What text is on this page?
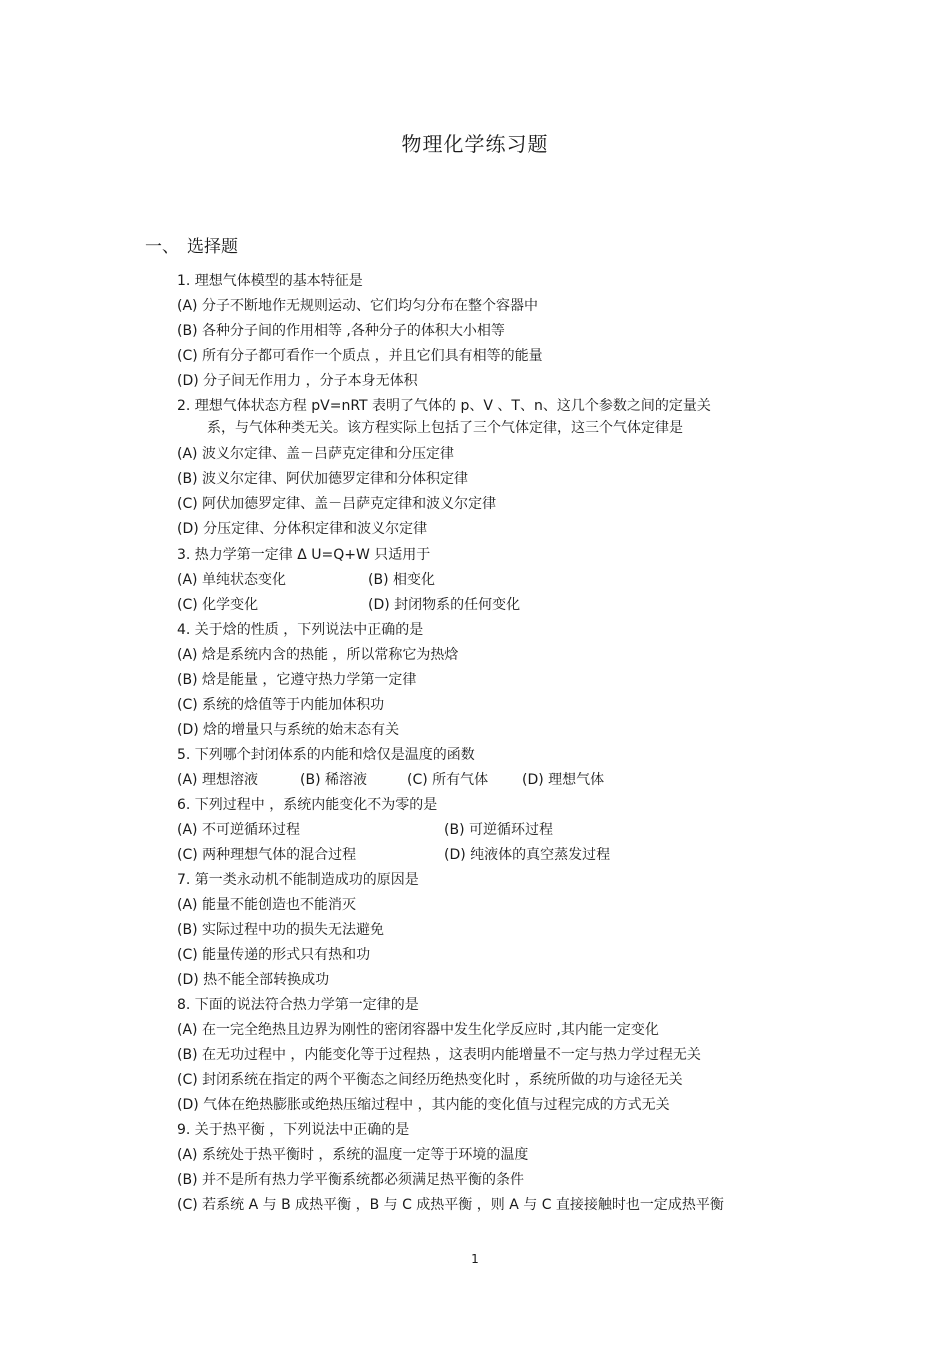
物理化学练习题
一、 选择题
1. 理想气体模型的基本特征是
(A) 分子不断地作无规则运动、它们均匀分布在整个容器中
(B) 各种分子间的作用相等 ,各种分子的体积大小相等
(C) 所有分子都可看作一个质点 ，并且它们具有相等的能量
(D) 分子间无作用力 ，分子本身无体积
2. 理想气体状态方程 pV=nRT 表明了气体的 p、V 、T、n、这几个参数之间的定量关
系，与气体种类无关。该方程实际上包括了三个气体定律，这三个气体定律是
(A) 波义尔定律、盖－吕萨克定律和分压定律
(B) 波义尔定律、阿伏加德罗定律和分体积定律
(C) 阿伏加德罗定律、盖－吕萨克定律和波义尔定律
(D) 分压定律、分体积定律和波义尔定律
3. 热力学第一定律 Δ U=Q+W 只适用于
(A) 单纯状态变化	(B) 相变化
(C) 化学变化	(D) 封闭物系的任何变化
4. 关于焓的性质 ，下列说法中正确的是
(A) 焓是系统内含的热能 ，所以常称它为热焓
(B) 焓是能量 ，它遵守热力学第一定律
(C) 系统的焓值等于内能加体积功
(D) 焓的增量只与系统的始末态有关
5. 下列哪个封闭体系的内能和焓仅是温度的函数
(A) 理想溶液	(B) 稀溶液	(C) 所有气体 (D) 理想气体
6. 下列过程中 ，系统内能变化不为零的是
(A) 不可逆循环过程	(B) 可逆循环过程
(C) 两种理想气体的混合过程	(D) 纯液体的真空蒸发过程
7. 第一类永动机不能制造成功的原因是
(A) 能量不能创造也不能消灭
(B) 实际过程中功的损失无法避免
(C) 能量传递的形式只有热和功
(D) 热不能全部转换成功
8. 下面的说法符合热力学第一定律的是
(A) 在一完全绝热且边界为刚性的密闭容器中发生化学反应时 ,其内能一定变化
(B) 在无功过程中 ，内能变化等于过程热 ，这表明内能增量不一定与热力学过程无关
(C) 封闭系统在指定的两个平衡态之间经历绝热变化时 ，系统所做的功与途径无关
(D) 气体在绝热膨胀或绝热压缩过程中 ，其内能的变化值与过程完成的方式无关
9. 关于热平衡 ，下列说法中正确的是
(A) 系统处于热平衡时 ，系统的温度一定等于环境的温度
(B) 并不是所有热力学平衡系统都必须满足热平衡的条件
(C) 若系统 A 与 B 成热平衡 ，B 与 C 成热平衡 ，则 A 与 C 直接接触时也一定成热平衡
1
